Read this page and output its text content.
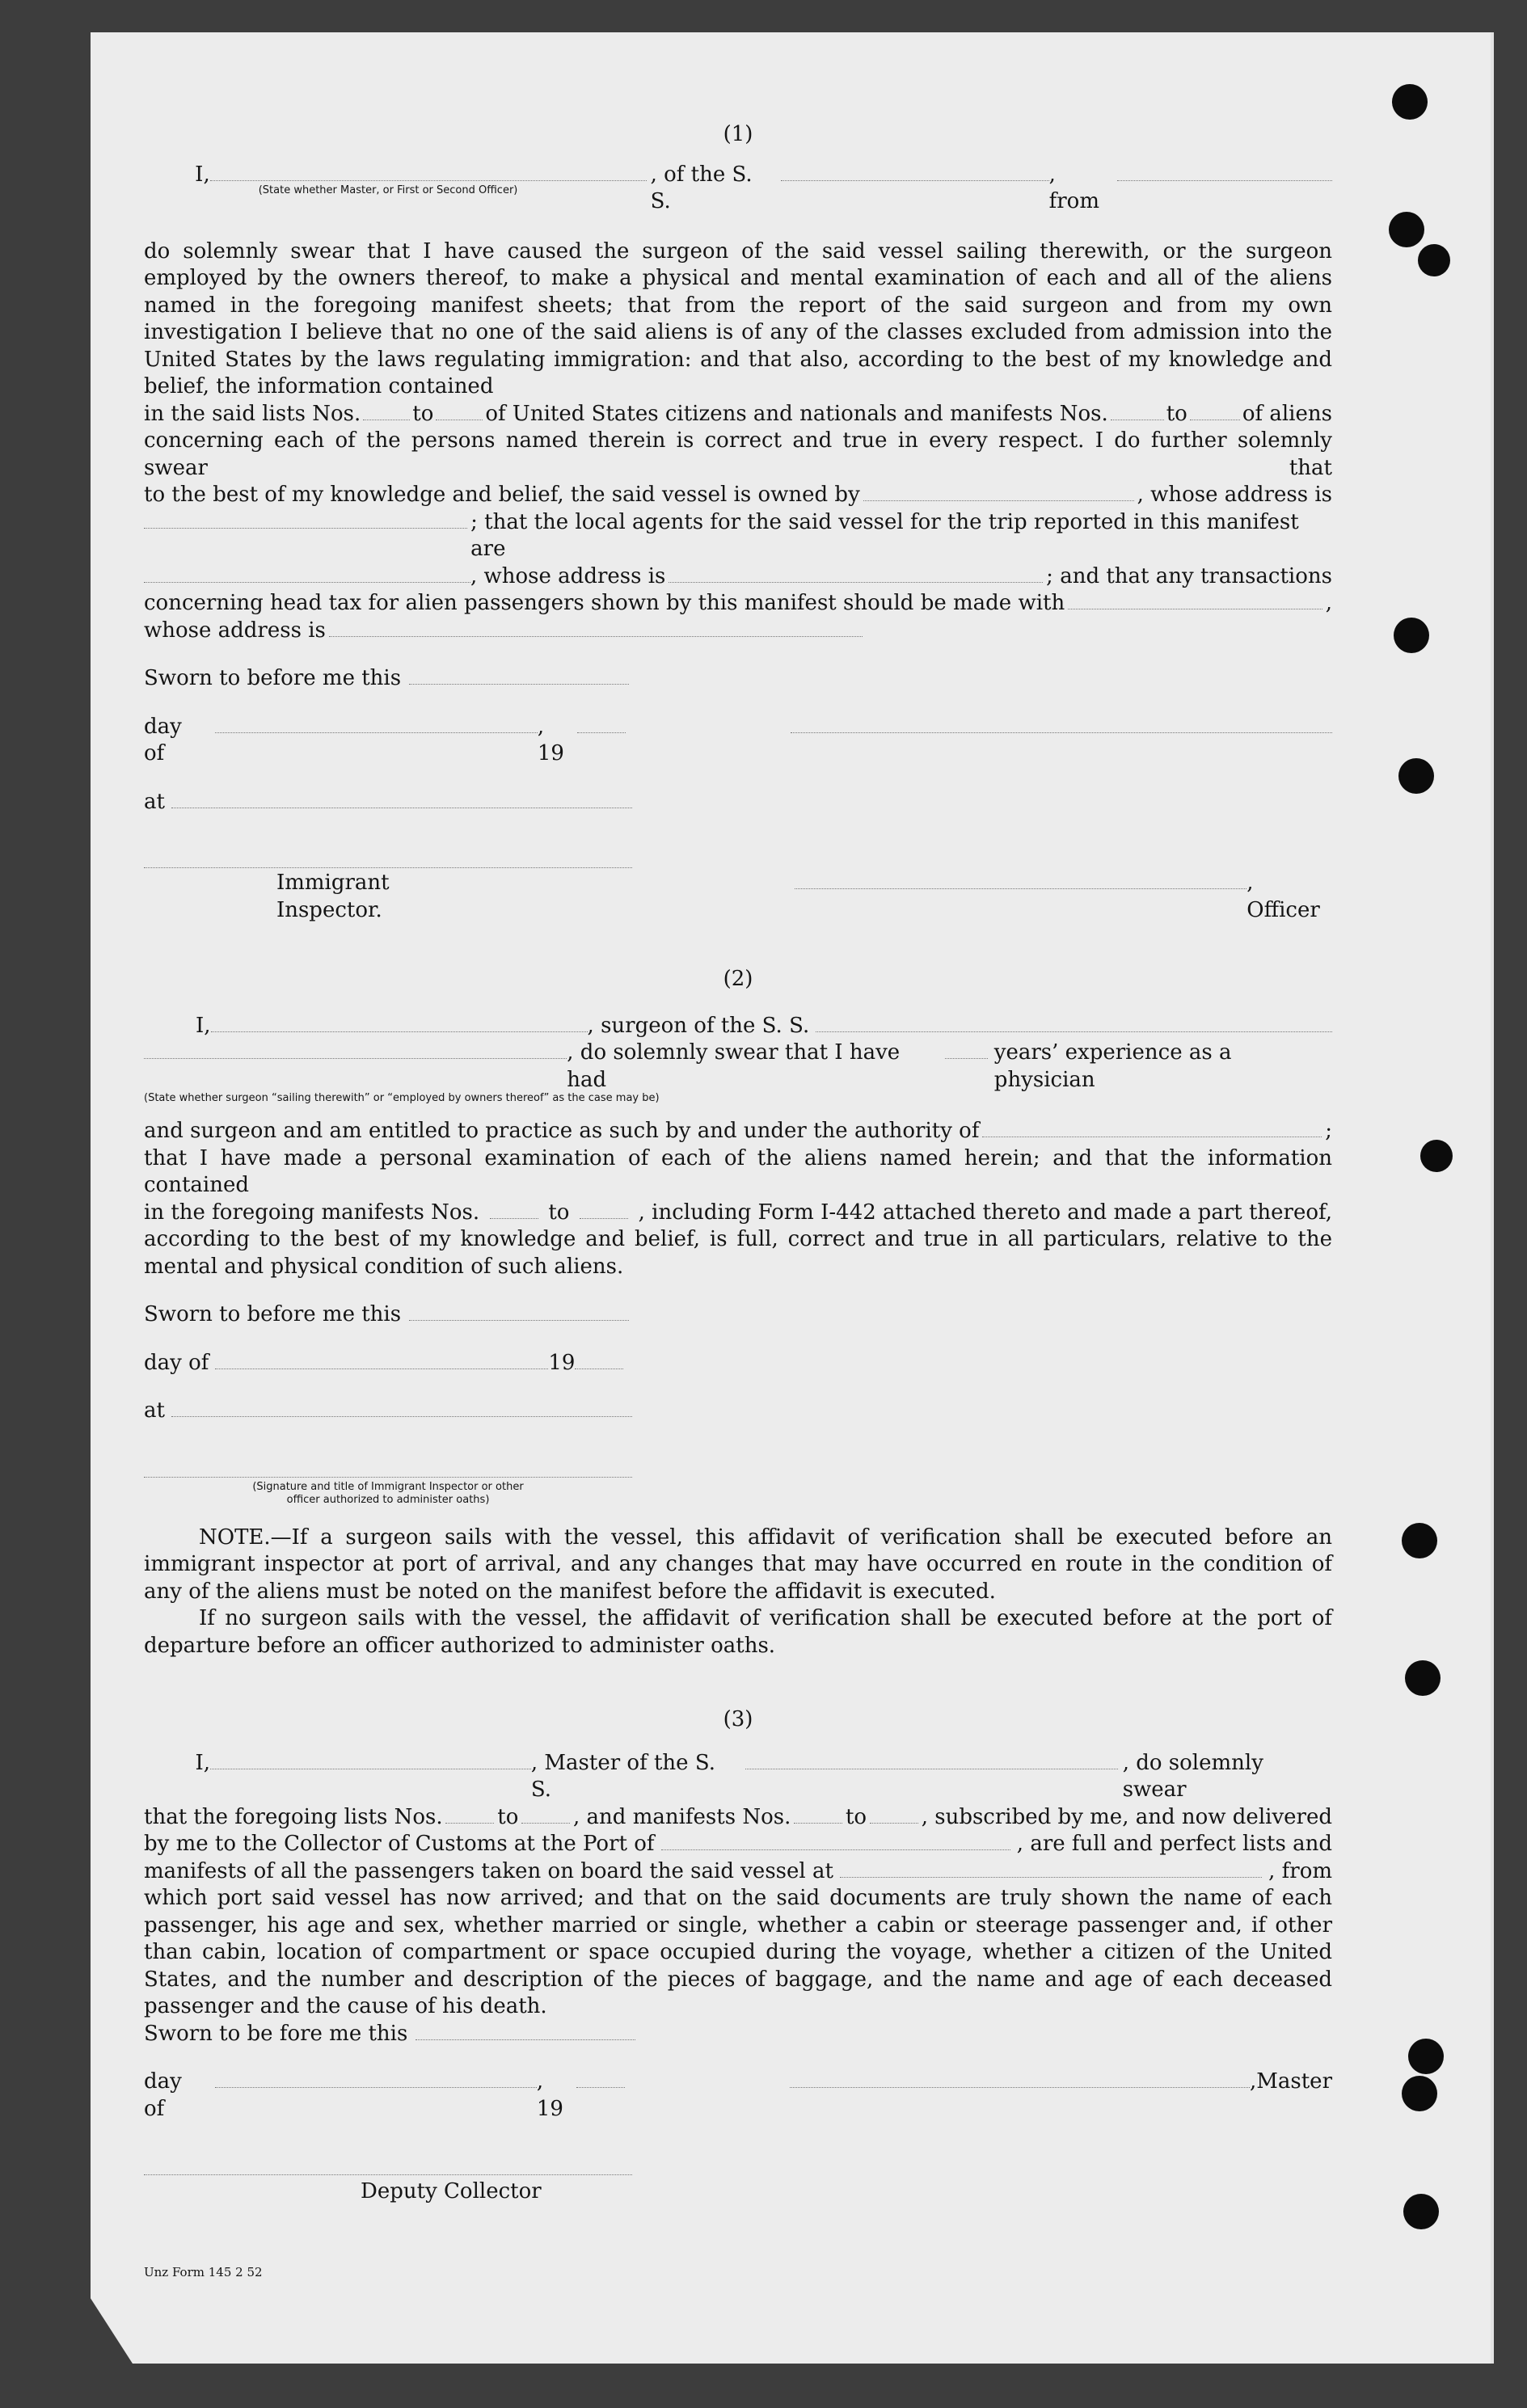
(1)
I,
(State whether Master, or First or Second Officer)
, of the S. S.
, from
do solemnly swear that I have caused the surgeon of the said vessel sailing therewith, or the surgeon employed by the owners thereof, to make a physical and mental examination of each and all of the aliens named in the foregoing manifest sheets; that from the report of the said surgeon and from my own investigation I believe that no one of the said aliens is of any of the classes excluded from admission into the United States by the laws regulating immigration: and that also, according to the best of my knowledge and belief, the information contained
in the said lists Nos. to of United States citizens and nationals and manifests Nos.	to	of aliens
concerning each of the persons named therein is correct and true in every respect. I do further solemnly swear that
to the best of my knowledge and belief, the said vessel is owned by	, whose address is
; that the local agents for the said vessel for the trip reported in this manifest are
, whose address is	; and that any transactions
concerning head tax for alien passengers shown by this manifest should be made with	,
whose address is
Sworn to before me this
day of
, 19
at
Immigrant Inspector.
, Officer
(2)
I,	, surgeon of the S. S.
, do solemnly swear that I have had
years’ experience as a physician
(State whether surgeon “sailing therewith” or “employed by owners thereof” as the case may be)
and surgeon and am entitled to practice as such by and under the authority of	;
that I have made a personal examination of each of the aliens named herein; and that the information contained
in the foregoing manifests Nos.	to	, including Form I-442 attached thereto and made a part thereof,
according to the best of my knowledge and belief, is full, correct and true in all particulars, relative to the mental and physical condition of such aliens.
Sworn to before me this
day of	19
at
(Signature and title of Immigrant Inspector or other
officer authorized to administer oaths)
NOTE.—If a surgeon sails with the vessel, this affidavit of verification shall be executed before an immigrant inspector at port of arrival, and any changes that may have occurred en route in the condition of any of the aliens must be noted on the manifest before the affidavit is executed.
If no surgeon sails with the vessel, the affidavit of verification shall be executed before at the port of departure before an officer authorized to administer oaths.
(3)
I,	, Master of the S. S.
, do solemnly swear
that the foregoing lists Nos.	to	, and manifests Nos.	to	, subscribed by me, and now delivered
by me to the Collector of Customs at the Port of	, are full and perfect lists and
manifests of all the passengers taken on board the said vessel at	, from
which port said vessel has now arrived; and that on the said documents are truly shown the name of each passenger, his age and sex, whether married or single, whether a cabin or steerage passenger and, if other than cabin, location of compartment or space occupied during the voyage, whether a citizen of the United States, and the number and description of the pieces of baggage, and the name and age of each deceased passenger and the cause of his death.
Sworn to be fore me this
day of
, 19
,Master
Deputy Collector
Unz Form 145 2 52
